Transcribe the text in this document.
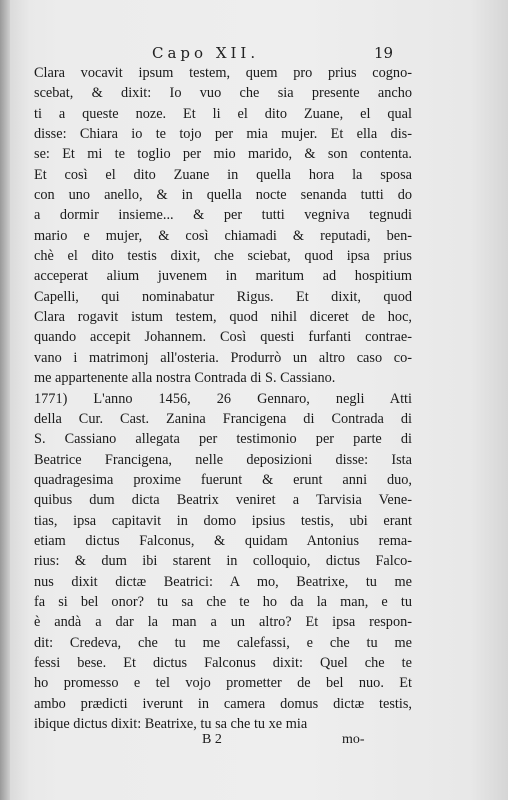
Capo XII.	19
Clara vocavit ipsum testem, quem pro prius cogno-
scebat, & dixit: Io vuo che sia presente ancho
ti a queste noze. Et li el dito Zuane, el qual
disse: Chiara io te tojo per mia mujer. Et ella dis-
se: Et mi te toglio per mio marido, & son contenta.
Et così el dito Zuane in quella hora la sposa
con uno anello, & in quella nocte senanda tutti do
a dormir insieme... & per tutti vegniva tegnudi
mario e mujer, & così chiamadi & reputadi, ben-
chè el dito testis dixit, che sciebat, quod ipsa prius
acceperat alium juvenem in maritum ad hospitium
Capelli, qui nominabatur Rigus. Et dixit, quod
Clara rogavit istum testem, quod nihil diceret de hoc,
quando accepit Johannem. Così questi furfanti contrae-
vano i matrimonj all'osteria. Produrrò un altro caso co-
me appartenente alla nostra Contrada di S. Cassiano.
1771) L'anno 1456, 26 Gennaro, negli Atti
della Cur. Cast. Zanina Francigena di Contrada di
S. Cassiano allegata per testimonio per parte di
Beatrice Francigena, nelle deposizioni disse: Ista
quadragesima proxime fuerunt & erunt anni duo,
quibus dum dicta Beatrix veniret a Tarvisia Vene-
tias, ipsa capitavit in domo ipsius testis, ubi erant
etiam dictus Falconus, & quidam Antonius rema-
rius: & dum ibi starent in colloquio, dictus Falco-
nus dixit dictæ Beatrici: A mo, Beatrixe, tu me
fa si bel onor? tu sa che te ho da la man, e tu
è andà a dar la man a un altro? Et ipsa respon-
dit: Credeva, che tu me calefassi, e che tu me
fessi bese. Et dictus Falconus dixit: Quel che te
ho promesso e tel vojo prometter de bel nuo. Et
ambo prædicti iverunt in camera domus dictæ testis,
ibique dictus dixit: Beatrixe, tu sa che tu xe mia
B 2	mo-
